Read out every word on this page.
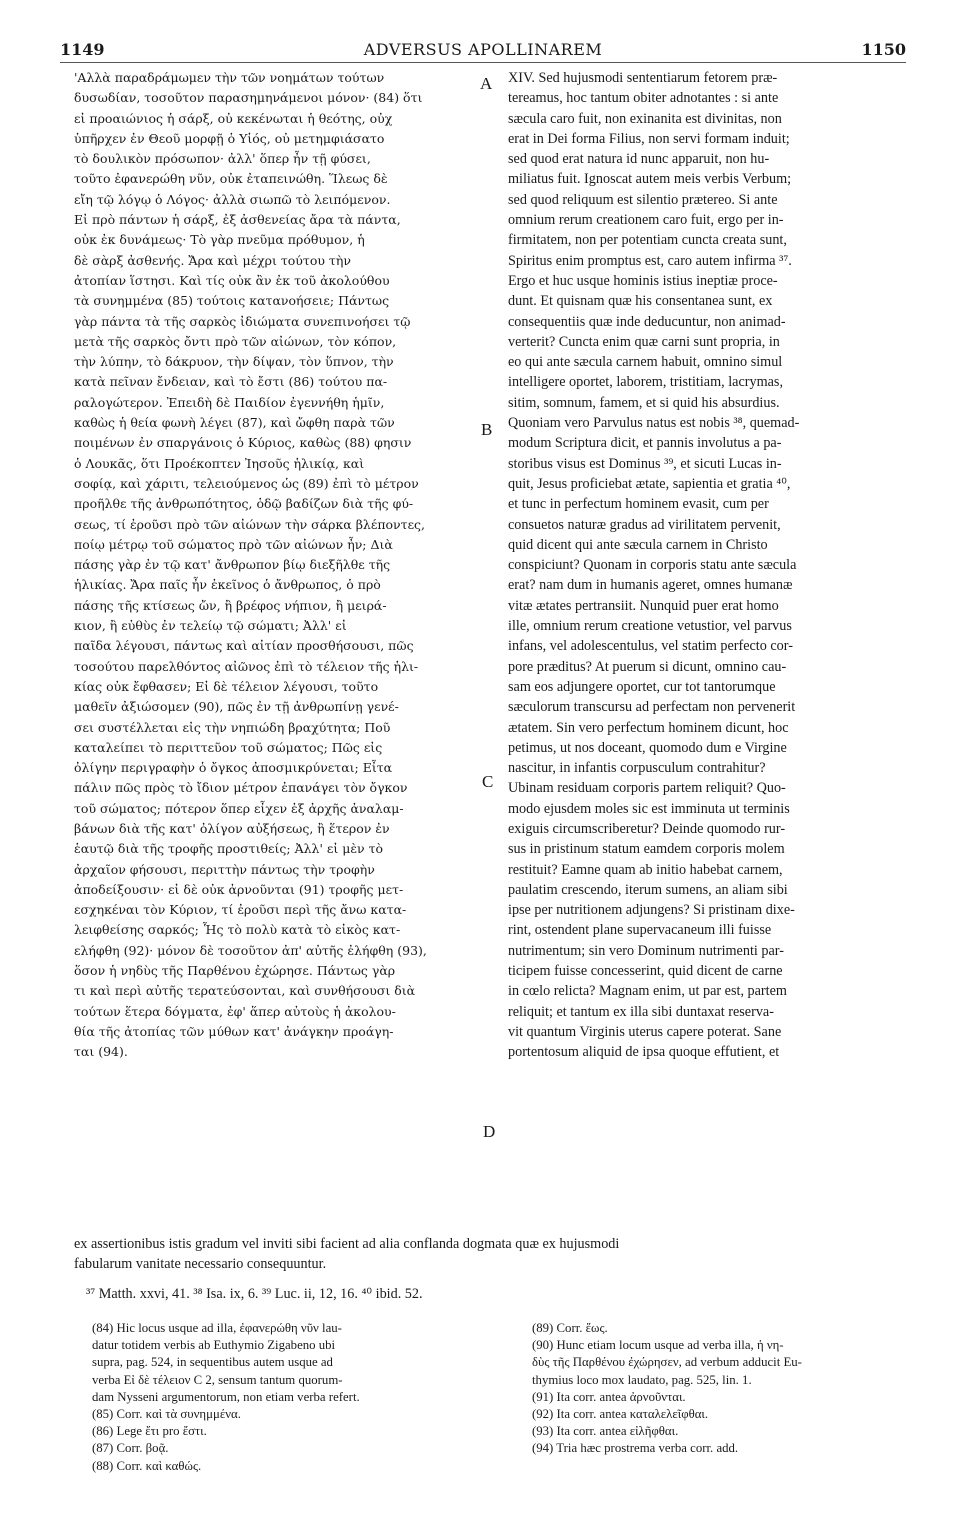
1149	ADVERSUS APOLLINAREM	1150
'Αλλὰ παραδράμωμεν τὴν τῶν νοημάτων τούτων
δυσωδίαν, τοσοῦτον παρασημηνάμενοι μόνον· (84) ὅτι
εἰ προαιώνιος ἡ σάρξ, οὐ κεκένωται ἡ θεότης, οὐχ
ὑπῆρχεν ἐν Θεοῦ μορφῇ ὁ Υἱός, οὐ μετημφιάσατο
τὸ δουλικὸν πρόσωπον· ἀλλ' ὅπερ ἦν τῇ φύσει,
τοῦτο ἐφανερώθη νῦν, οὐκ ἐταπεινώθη. Ἵλεως δὲ
εἴη τῷ λόγῳ ὁ Λόγος· ἀλλὰ σιωπῶ τὸ λειπόμενον.
Εἰ πρὸ πάντων ἡ σάρξ, ἐξ ἀσθενείας ἄρα τὰ πάντα,
οὐκ ἐκ δυνάμεως· Τὸ γὰρ πνεῦμα πρόθυμον, ἡ
δὲ σὰρξ ἀσθενής. Ἄρα καὶ μέχρι τούτου τὴν
ἀτοπίαν ἵστησι. Καὶ τίς οὐκ ἂν ἐκ τοῦ ἀκολούθου
τὰ συνημμένα (85) τούτοις κατανοήσειε; Πάντως
γὰρ πάντα τὰ τῆς σαρκὸς ἰδιώματα συνεπινοήσει τῷ
μετὰ τῆς σαρκὸς ὄντι πρὸ τῶν αἰώνων, τὸν κόπον,
τὴν λύπην, τὸ δάκρυον, τὴν δίψαν, τὸν ὕπνον, τὴν
κατὰ πεῖναν ἔνδειαν, καὶ τὸ ἔστι (86) τούτου πα-
ραλογώτερον. Ἐπειδὴ δὲ Παιδίον ἐγεννήθη ἡμῖν,
καθὼς ἡ θεία φωνὴ λέγει (87), καὶ ὤφθη παρὰ τῶν
ποιμένων ἐν σπαργάνοις ὁ Κύριος, καθὼς (88) φησιν
ὁ Λουκᾶς, ὅτι Προέκοπτεν Ἰησοῦς ἡλικίᾳ, καὶ
σοφίᾳ, καὶ χάριτι, τελειούμενος ὡς (89) ἐπὶ τὸ μέτρον
προῆλθε τῆς ἀνθρωπότητος, ὁδῷ βαδίζων διὰ τῆς φύ-
σεως, τί ἐροῦσι πρὸ τῶν αἰώνων τὴν σάρκα βλέποντες,
ποίῳ μέτρῳ τοῦ σώματος πρὸ τῶν αἰώνων ἦν; Διὰ
πάσης γὰρ ἐν τῷ κατ' ἄνθρωπον βίῳ διεξῆλθε τῆς
ἡλικίας. Ἄρα παῖς ἦν ἐκεῖνος ὁ ἄνθρωπος, ὁ πρὸ
πάσης τῆς κτίσεως ὤν, ἢ βρέφος νήπιον, ἢ μειρά-
κιον, ἢ εὐθὺς ἐν τελείῳ τῷ σώματι; Ἀλλ' εἰ
παῖδα λέγουσι, πάντως καὶ αἰτίαν προσθήσουσι, πῶς
τοσούτου παρελθόντος αἰῶνος ἐπὶ τὸ τέλειον τῆς ἡλι-
κίας οὐκ ἔφθασεν; Εἰ δὲ τέλειον λέγουσι, τοῦτο
μαθεῖν ἀξιώσομεν (90), πῶς ἐν τῇ ἀνθρωπίνῃ γενέ-
σει συστέλλεται εἰς τὴν νηπιώδη βραχύτητα; Ποῦ
καταλείπει τὸ περιττεῦον τοῦ σώματος; Πῶς εἰς
ὀλίγην περιγραφὴν ὁ ὄγκος ἀποσμικρύνεται; Εἶτα
πάλιν πῶς πρὸς τὸ ἴδιον μέτρον ἐπανάγει τὸν ὄγκον
τοῦ σώματος; πότερον ὅπερ εἶχεν ἐξ ἀρχῆς ἀναλαμ-
βάνων διὰ τῆς κατ' ὀλίγον αὐξήσεως, ἢ ἕτερον ἐν
ἑαυτῷ διὰ τῆς τροφῆς προστιθείς; Ἀλλ' εἰ μὲν τὸ
ἀρχαῖον φήσουσι, περιττὴν πάντως τὴν τροφὴν
ἀποδείξουσιν· εἰ δὲ οὐκ ἀρνοῦνται (91) τροφῆς μετ-
εσχηκέναι τὸν Κύριον, τί ἐροῦσι περὶ τῆς ἄνω κατα-
λειφθείσης σαρκός; Ἧς τὸ πολὺ κατὰ τὸ εἰκὸς κατ-
ελήφθη (92)· μόνον δὲ τοσοῦτον ἀπ' αὐτῆς ἐλήφθη (93),
ὅσον ἡ νηδὺς τῆς Παρθένου ἐχώρησε. Πάντως γὰρ
τι καὶ περὶ αὐτῆς τερατεύσονται, καὶ συνθήσουσι διὰ
τούτων ἕτερα δόγματα, ἐφ' ἅπερ αὐτοὺς ἡ ἀκολου-
θία τῆς ἀτοπίας τῶν μύθων κατ' ἀνάγκην προάγη-
ται (94).
XIV. Sed hujusmodi sententiarum fetorem præ-
tereamus, hoc tantum obiter adnotantes : si ante
sæcula caro fuit, non exinanita est divinitas, non
erat in Dei forma Filius, non servi formam induit;
sed quod erat natura id nunc apparuit, non hu-
miliatus fuit. Ignoscat autem meis verbis Verbum;
sed quod reliquum est silentio prætereo. Si ante
omnium rerum creationem caro fuit, ergo per in-
firmitatem, non per potentiam cuncta creata sunt,
Spiritus enim promptus est, caro autem infirma ³⁷.
Ergo et huc usque hominis istius ineptiæ proce-
dunt. Et quisnam quæ his consentanea sunt, ex
consequentiis quæ inde deducuntur, non animad-
verterit? Cuncta enim quæ carni sunt propria, in
eo qui ante sæcula carnem habuit, omnino simul
intelligere oportet, laborem, tristitiam, lacrymas,
sitim, somnum, famem, et si quid his absurdius.
Quoniam vero Parvulus natus est nobis ³⁸, quemad-
modum Scriptura dicit, et pannis involutus a pa-
storibus visus est Dominus ³⁹, et sicuti Lucas in-
quit, Jesus proficiebat ætate, sapientia et gratia ⁴⁰,
et tunc in perfectum hominem evasit, cum per
consuetos naturæ gradus ad virilitatem pervenit,
quid dicent qui ante sæcula carnem in Christo
conspiciunt? Quonam in corporis statu ante sæcula
erat? nam dum in humanis ageret, omnes humanæ
vitæ ætates pertransiit. Nunquid puer erat homo
ille, omnium rerum creatione vetustior, vel parvus
infans, vel adolescentulus, vel statim perfecto cor-
pore præditus? At puerum si dicunt, omnino cau-
sam eos adjungere oportet, cur tot tantorumque
sæculorum transcursu ad perfectam non pervenerit
ætatem. Sin vero perfectum hominem dicunt, hoc
petimus, ut nos doceant, quomodo dum e Virgine
nascitur, in infantis corpusculum contrahitur?
Ubinam residuam corporis partem reliquit? Quo-
modo ejusdem moles sic est imminuta ut terminis
exiguis circumscriberetur? Deinde quomodo rur-
sus in pristinum statum eamdem corporis molem
restituit? Eamne quam ab initio habebat carnem,
paulatim crescendo, iterum sumens, an aliam sibi
ipse per nutritionem adjungens? Si pristinam dixe-
rint, ostendent plane supervacaneum illi fuisse
nutrimentum; sin vero Dominum nutrimenti par-
ticipem fuisse concesserint, quid dicent de carne
in cœlo relicta? Magnam enim, ut par est, partem
reliquit; et tantum ex illa sibi duntaxat reserva-
vit quantum Virginis uterus capere poterat. Sane
portentosum aliquid de ipsa quoque effutient, et
A
B
C
D
ex assertionibus istis gradum vel inviti sibi facient ad alia conflanda dogmata quæ ex hujusmodi
fabularum vanitate necessario consequuntur.
³⁷ Matth. xxvi, 41. ³⁸ Isa. ix, 6. ³⁹ Luc. ii, 12, 16. ⁴⁰ ibid. 52.
(84) Hic locus usque ad illa, ἐφανερώθη νῦν lau-
datur totidem verbis ab Euthymio Zigabeno ubi
supra, pag. 524, in sequentibus autem usque ad
verba Εἰ δὲ τέλειον C 2, sensum tantum quorum-
dam Nysseni argumentorum, non etiam verba refert.
(85) Corr. καὶ τὰ συνημμένα.
(86) Lege ἔτι pro ἔστι.
(87) Corr. βοᾷ.
(88) Corr. καὶ καθώς.
(89) Corr. ἕως.
(90) Hunc etiam locum usque ad verba illa, ἡ νη-
δὺς τῆς Παρθένου ἐχώρησεν, ad verbum adducit Eu-
thymius loco mox laudato, pag. 525, lin. 1.
(91) Ita corr. antea ἀρνοῦνται.
(92) Ita corr. antea καταλελεῖφθαι.
(93) Ita corr. antea εἰλῆφθαι.
(94) Tria hæc prostrema verba corr. add.
